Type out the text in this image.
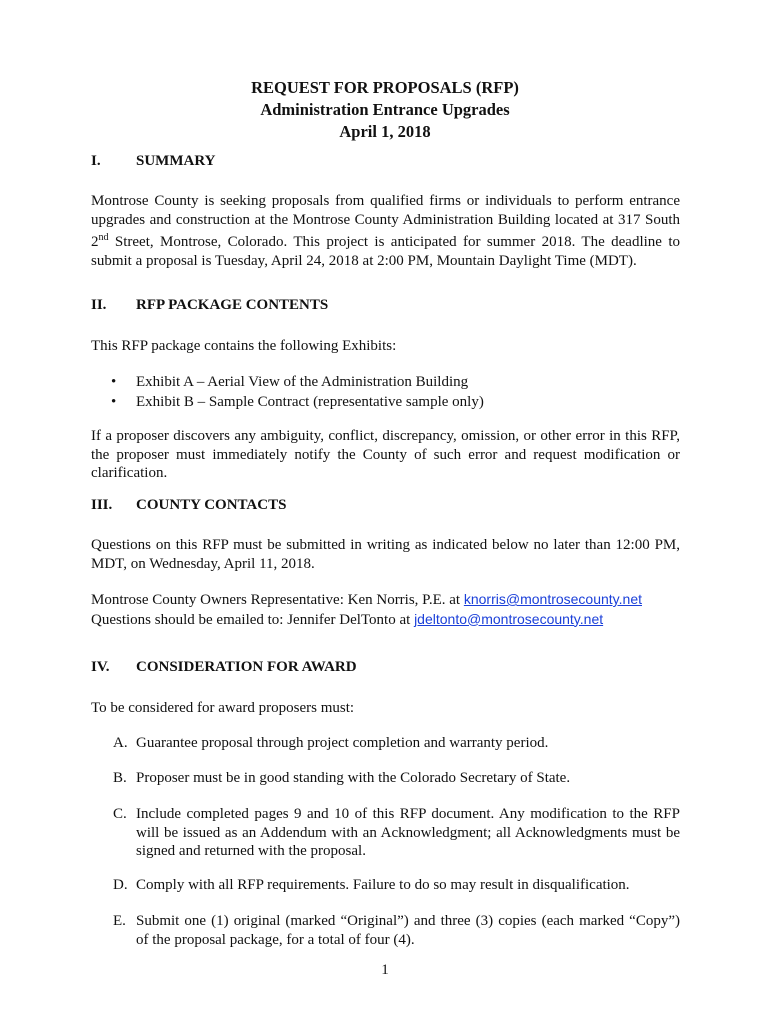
REQUEST FOR PROPOSALS (RFP)
Administration Entrance Upgrades
April 1, 2018
I. SUMMARY
Montrose County is seeking proposals from qualified firms or individuals to perform entrance upgrades and construction at the Montrose County Administration Building located at 317 South 2nd Street, Montrose, Colorado. This project is anticipated for summer 2018. The deadline to submit a proposal is Tuesday, April 24, 2018 at 2:00 PM, Mountain Daylight Time (MDT).
II. RFP PACKAGE CONTENTS
This RFP package contains the following Exhibits:
• Exhibit A – Aerial View of the Administration Building
• Exhibit B – Sample Contract (representative sample only)
If a proposer discovers any ambiguity, conflict, discrepancy, omission, or other error in this RFP, the proposer must immediately notify the County of such error and request modification or clarification.
III. COUNTY CONTACTS
Questions on this RFP must be submitted in writing as indicated below no later than 12:00 PM, MDT, on Wednesday, April 11, 2018.
Montrose County Owners Representative: Ken Norris, P.E. at knorris@montrosecounty.net
Questions should be emailed to: Jennifer DelTonto at jdeltonto@montrosecounty.net
IV. CONSIDERATION FOR AWARD
To be considered for award proposers must:
A. Guarantee proposal through project completion and warranty period.
B. Proposer must be in good standing with the Colorado Secretary of State.
C. Include completed pages 9 and 10 of this RFP document. Any modification to the RFP will be issued as an Addendum with an Acknowledgment; all Acknowledgments must be signed and returned with the proposal.
D. Comply with all RFP requirements. Failure to do so may result in disqualification.
E. Submit one (1) original (marked “Original”) and three (3) copies (each marked “Copy”) of the proposal package, for a total of four (4).
1
